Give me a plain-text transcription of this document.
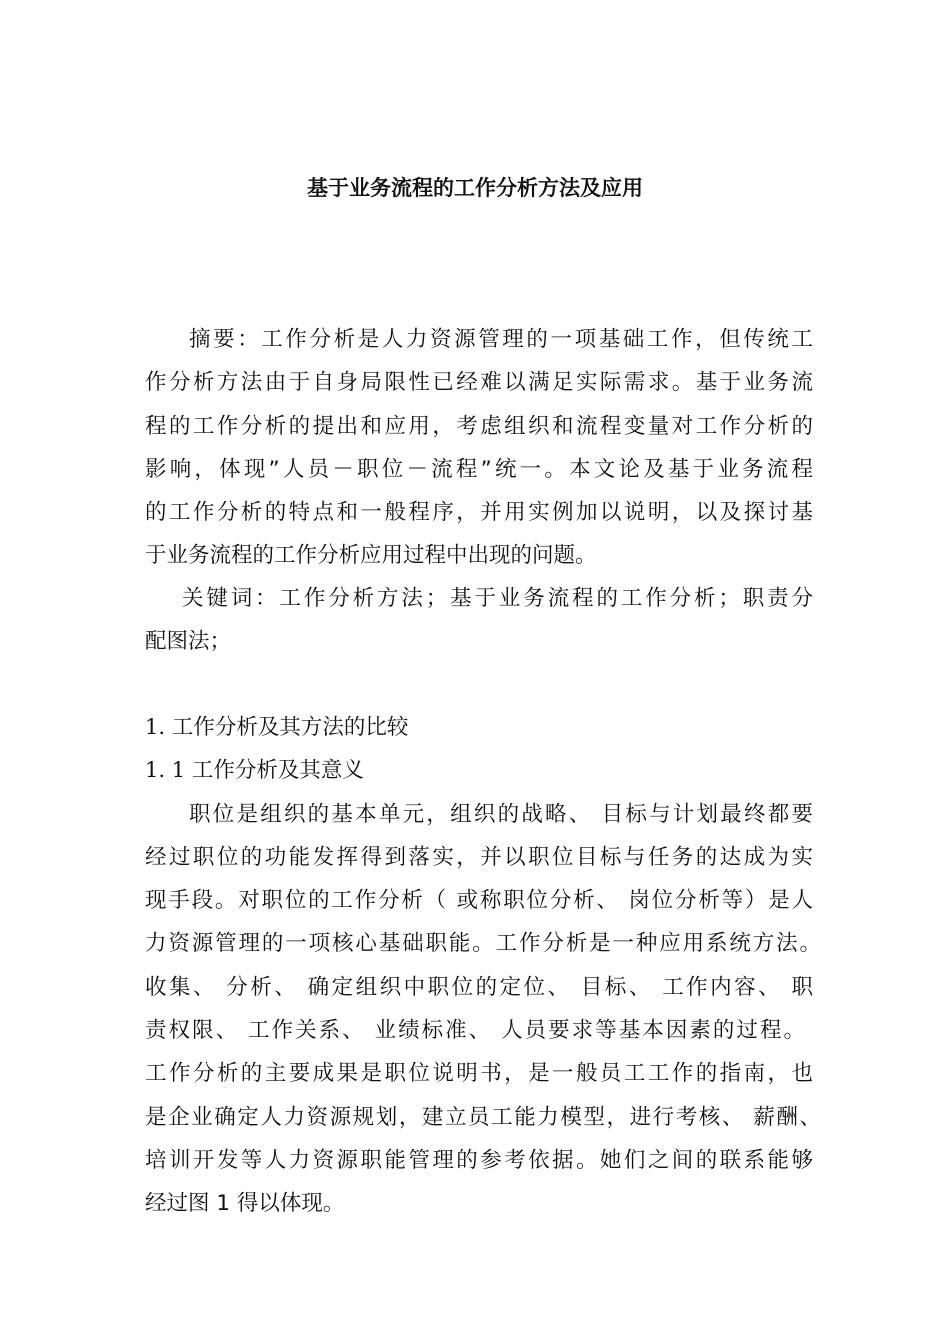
基于业务流程的工作分析方法及应用
摘要：工作分析是人力资源管理的一项基础工作，但传统工
作分析方法由于自身局限性已经难以满足实际需求。基于业务流
程的工作分析的提出和应用，考虑组织和流程变量对工作分析的
影响，体现”人员－职位－流程”统一。本文论及基于业务流程
的工作分析的特点和一般程序，并用实例加以说明，以及探讨基
于业务流程的工作分析应用过程中出现的问题。
关键词：工作分析方法；基于业务流程的工作分析；职责分
配图法；
1. 工作分析及其方法的比较
1. 1 工作分析及其意义
职位是组织的基本单元，组织的战略、 目标与计划最终都要
经过职位的功能发挥得到落实，并以职位目标与任务的达成为实
现手段。对职位的工作分析（ 或称职位分析、 岗位分析等）是人
力资源管理的一项核心基础职能。工作分析是一种应用系统方法。
收集、 分析、 确定组织中职位的定位、 目标、 工作内容、 职
责权限、 工作关系、 业绩标准、 人员要求等基本因素的过程。
工作分析的主要成果是职位说明书，是一般员工工作的指南，也
是企业确定人力资源规划，建立员工能力模型，进行考核、 薪酬、
培训开发等人力资源职能管理的参考依据。她们之间的联系能够
经过图 1 得以体现。
